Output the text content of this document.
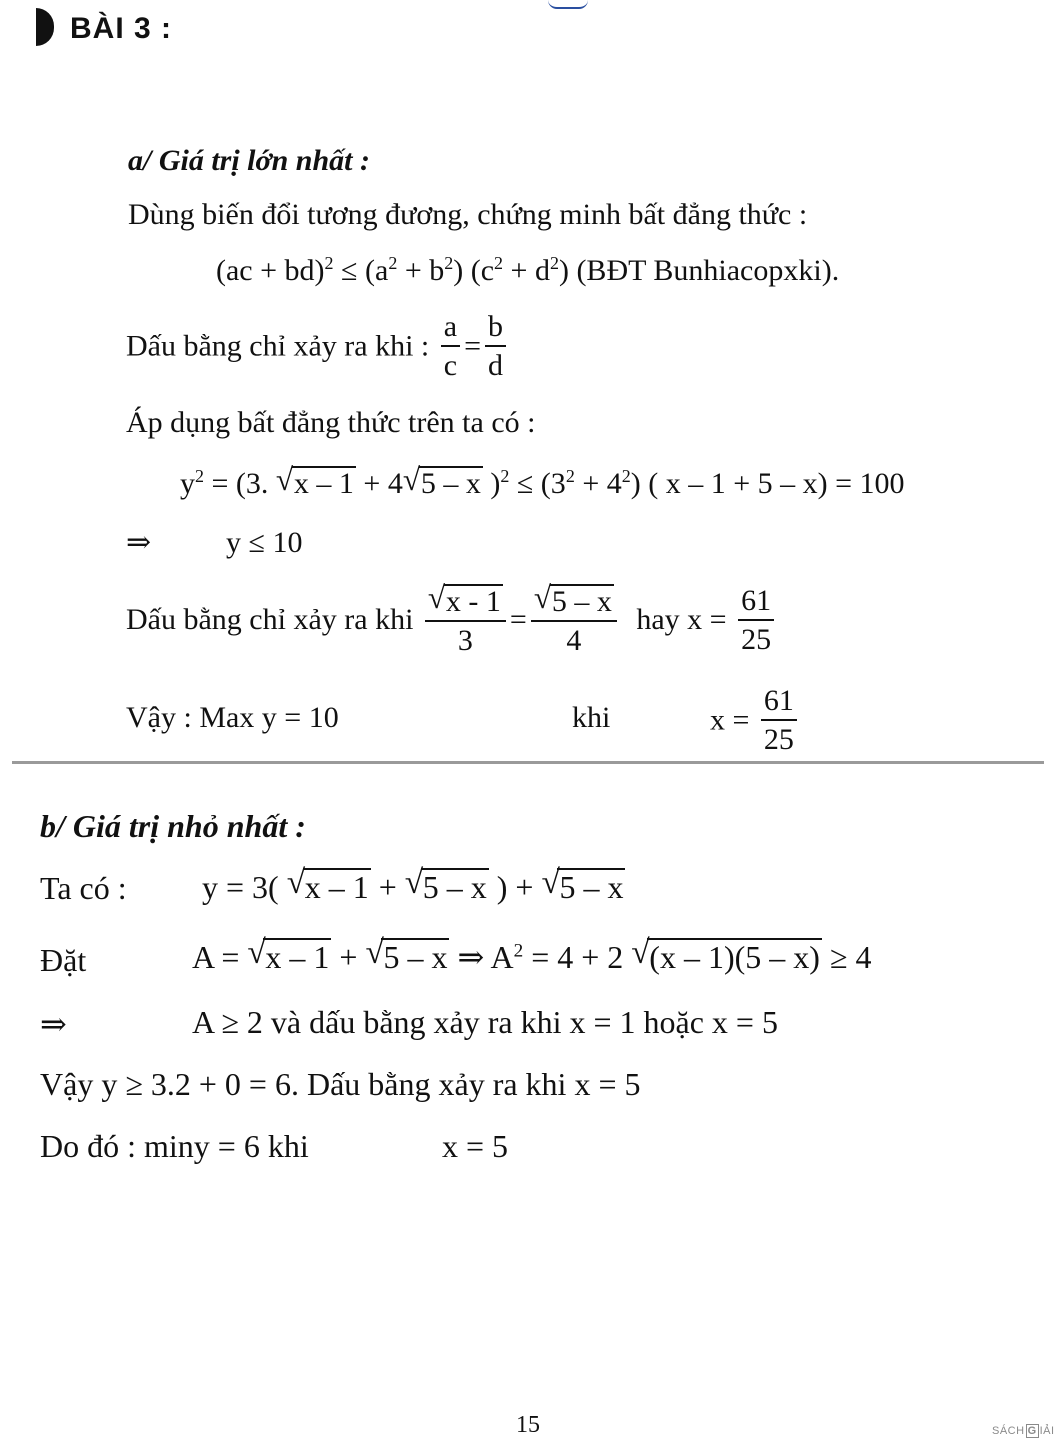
BÀI 3 :
a/ Giá trị lớn nhất :
Dùng biến đổi tương đương, chứng minh bất đẳng thức :
$(ac + bd)^2 \le (a^2 + b^2) (c^2 + d^2)$ (BĐT Bunhiacopxki).
Dấu bằng chỉ xảy ra khi : $\frac{a}{c} = \frac{b}{d}$
Áp dụng bất đẳng thức trên ta có :
$y^2 = (3$. √ x – 1 + 4 √ 5 – x )$^2 \le (3^2 + 4^2)$ ( x – 1 + 5 – x) = 100
⇒ y ≤ 10
Dấu bằng chỉ xảy ra khi √ $\frac{x - 1}{3}$ = √ $\frac{5 - x}{4}$ hay $x = \frac{61}{25}$
Vậy : Max y = 10	khi	$x = \frac{61}{25}$
b/ Giá trị nhỏ nhất :
Ta có : y = 3( √ x – 1 + √ 5 – x ) + √ 5 – x
Đặt	A = √ x – 1 + √ 5 – x ⇒ $A^2 = 4 + 2$ √ (x – 1)(5 – x) ≥ 4
⇒	A ≥ 2 và dấu bằng xảy ra khi x = 1 hoặc x = 5
Vậy y ≥ 3.2 + 0 = 6. Dấu bằng xảy ra khi x = 5
Do đó : miny = 6 khi	x = 5
15	SÁCH G IẢI
